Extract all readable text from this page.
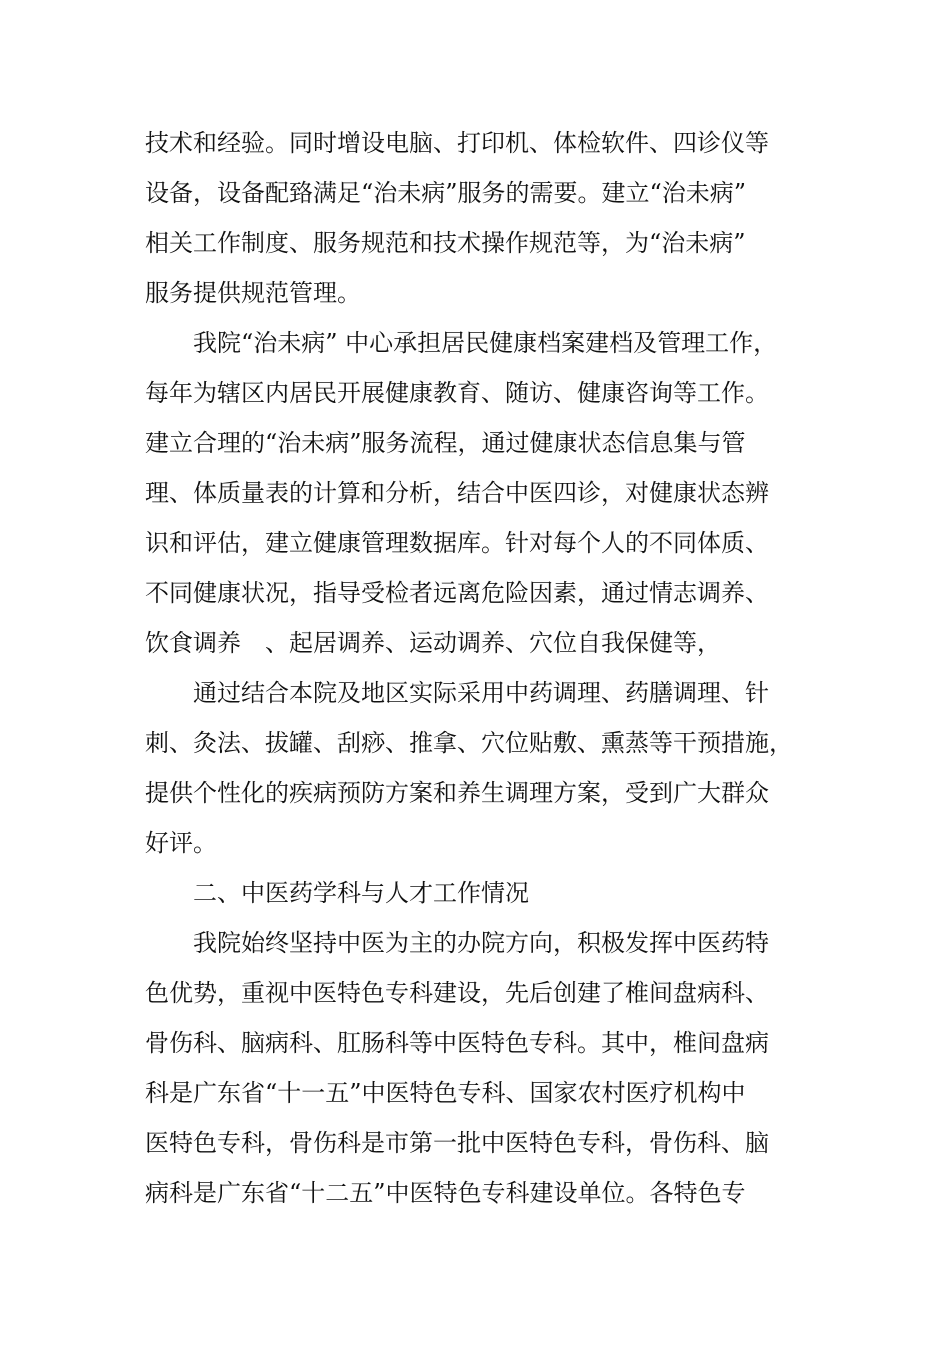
技术和经验。同时增设电脑、打印机、体检软件、四诊仪等

设备，设备配臵满足“治未病”服务的需要。建立“治未病”

相关工作制度、服务规范和技术操作规范等，为“治未病”

服务提供规范管理。

我院“治未病” 中心承担居民健康档案建档及管理工作，

每年为辖区内居民开展健康教育、随访、健康咨询等工作。

建立合理的“治未病”服务流程，通过健康状态信息集与管

理、体质量表的计算和分析，结合中医四诊，对健康状态辨

识和评估，建立健康管理数据库。针对每个人的不同体质、

不同健康状况，指导受检者远离危险因素，通过情志调养、

饮食调养　、起居调养、运动调养、穴位自我保健等，

通过结合本院及地区实际采用中药调理、药膳调理、针

刺、灸法、拔罐、刮痧、推拿、穴位贴敷、熏蒸等干预措施，

提供个性化的疾病预防方案和养生调理方案，受到广大群众

好评。

二、中医药学科与人才工作情况

我院始终坚持中医为主的办院方向，积极发挥中医药特

色优势，重视中医特色专科建设，先后创建了椎间盘病科、

骨伤科、脑病科、肛肠科等中医特色专科。其中，椎间盘病

科是广东省“十一五”中医特色专科、国家农村医疗机构中

医特色专科，骨伤科是市第一批中医特色专科，骨伤科、脑

病科是广东省“十二五”中医特色专科建设单位。各特色专
